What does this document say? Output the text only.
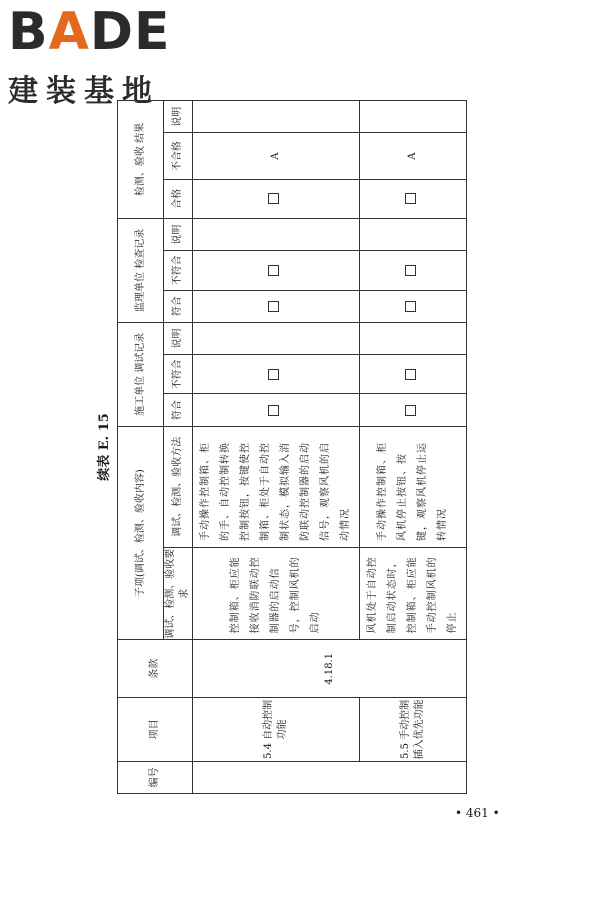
BADE
建装基地
续表 E. 15
编号	项目	条款	子项(调试、检测、验收内容)		施工单位 调试记录			监理单位 检查记录			检测、验收 结果		
			调试、检测、验收要求	调试、检测、验收方法	符合	不符合	说明	符合	不符合	说明	合格	不合格	说明
	5.4 自动控制功能	4.18.1	控制箱、柜应能接收消防联动控制器的启动信号，控制风机的启动	手动操作控制箱、柜的手、自动控制转换控制按钮，按键使控制箱、柜处于自动控制状态，模拟输入消防联动控制器的启动信号，观察风机的启动情况								A	
	5.5 手动控制插入优先功能		风机处于自动控制启动状态时，控制箱、柜应能手动控制风机的停止	手动操作控制箱、柜风机停止按钮、按键，观察风机停止运转情况								A	
• 461 •
